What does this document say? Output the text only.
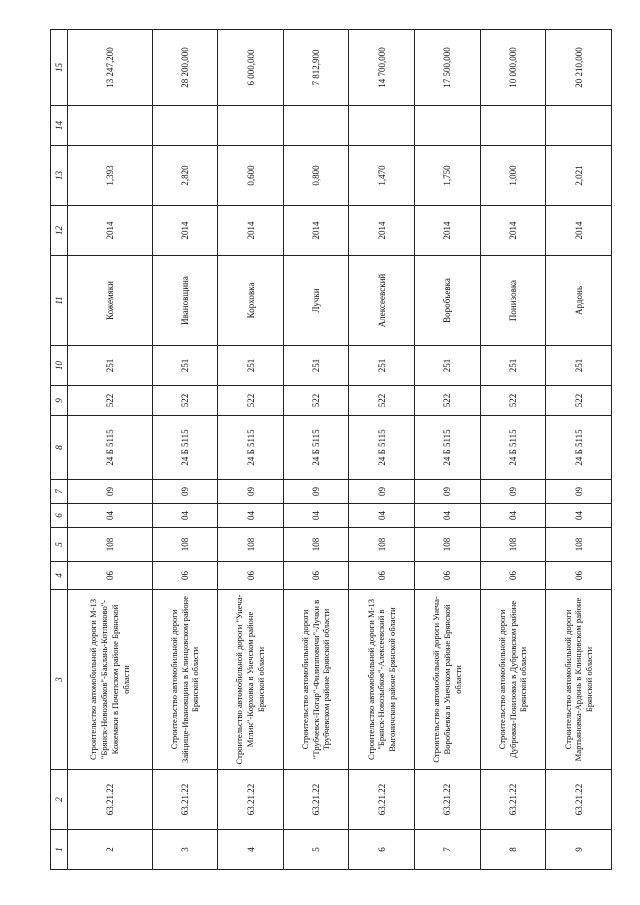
1	2	3	4	5	6	7	8	9	10	11	12	13	14	15
2	63.21.22	Строительство автомобильной дороги М-13 "Брянск-Новозыбков"-Баклань-Котляково"-Кожемяки в Почепском районе Брянской области	06	108	04	09	24 Б 5115	522	251	Кожемяки	2014	1,393		13 247,200
3	63.21.22	Строительство автомобильной дороги Зайцище-Ивановщина в Клинцовском районе Брянской области	06	108	04	09	24 Б 5115	522	251	Ивановщина	2014	2,820		28 200,000
4	63.21.22	Строительство автомобильной дороги "Унеча-Мглин"-Корховка в Унечском районе Брянской области	06	108	04	09	24 Б 5115	522	251	Корховка	2014	0,600		6 000,000
5	63.21.22	Строительство автомобильной дороги "Трубчевск-Погар"-Филипповичи"-Лучки в Трубчевском районе Брянской области	06	108	04	09	24 Б 5115	522	251	Лучки	2014	0,800		7 812,900
6	63.21.22	Строительство автомобильной дороги М-13 "Брянск-Новозыбков"-Алексеевский в Выгоничском районе Брянской области	06	108	04	09	24 Б 5115	522	251	Алексеевский	2014	1,470		14 700,000
7	63.21.22	Строительство автомобильной дороги Унеча-Воробьевка в Унечском районе Брянской области	06	108	04	09	24 Б 5115	522	251	Воробьевка	2014	1,750		17 500,000
8	63.21.22	Строительство автомобильной дороги Дубровка-Понизовка в Дубровском районе Брянской области	06	108	04	09	24 Б 5115	522	251	Понизовка	2014	1,000		10 000,000
9	63.21.22	Строительство автомобильной дороги Мартьяновка-Ардонь в Клинцовском районе Брянской области	06	108	04	09	24 Б 5115	522	251	Ардонь	2014	2,021		20 210,000
